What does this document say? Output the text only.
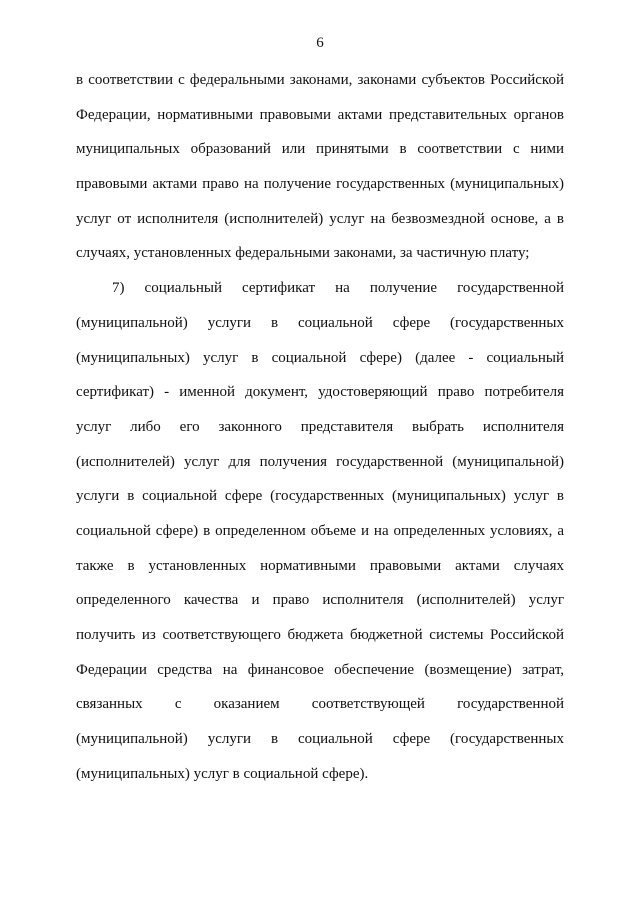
6
в соответствии с федеральными законами, законами субъектов Российской
Федерации, нормативными правовыми актами представительных органов
муниципальных образований или принятыми в соответствии с ними
правовыми актами право на получение государственных (муниципальных)
услуг от исполнителя (исполнителей) услуг на безвозмездной основе, а в
случаях, установленных федеральными законами, за частичную плату;
7) социальный сертификат на получение государственной
(муниципальной) услуги в социальной сфере (государственных
(муниципальных) услуг в социальной сфере) (далее - социальный
сертификат) - именной документ, удостоверяющий право потребителя
услуг либо его законного представителя выбрать исполнителя
(исполнителей) услуг для получения государственной (муниципальной)
услуги в социальной сфере (государственных (муниципальных) услуг в
социальной сфере) в определенном объеме и на определенных условиях, а
также в установленных нормативными правовыми актами случаях
определенного качества и право исполнителя (исполнителей) услуг
получить из соответствующего бюджета бюджетной системы Российской
Федерации средства на финансовое обеспечение (возмещение) затрат,
связанных с оказанием соответствующей государственной
(муниципальной) услуги в социальной сфере (государственных
(муниципальных) услуг в социальной сфере).
